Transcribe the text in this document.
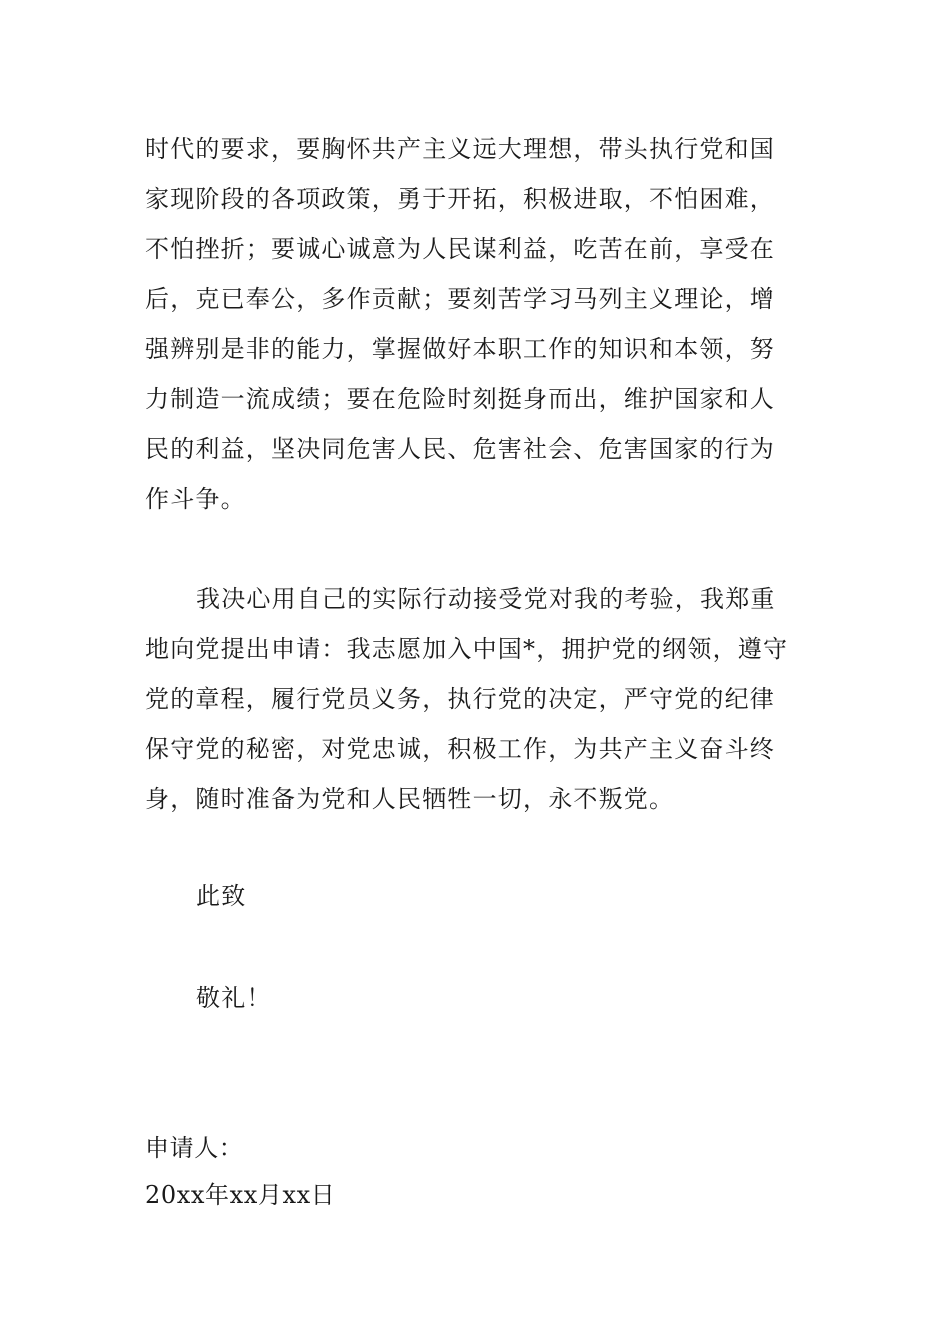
时代的要求，要胸怀共产主义远大理想，带头执行党和国
家现阶段的各项政策，勇于开拓，积极进取，不怕困难，
不怕挫折；要诚心诚意为人民谋利益，吃苦在前，享受在
后，克已奉公，多作贡献；要刻苦学习马列主义理论，增
强辨别是非的能力，掌握做好本职工作的知识和本领，努
力制造一流成绩；要在危险时刻挺身而出，维护国家和人
民的利益，坚决同危害人民、危害社会、危害国家的行为
作斗争。
我决心用自己的实际行动接受党对我的考验，我郑重
地向党提出申请：我志愿加入中国*，拥护党的纲领，遵守
党的章程，履行党员义务，执行党的决定，严守党的纪律
保守党的秘密，对党忠诚，积极工作，为共产主义奋斗终
身，随时准备为党和人民牺牲一切，永不叛党。
此致
敬礼！
申请人：
20xx年xx月xx日
